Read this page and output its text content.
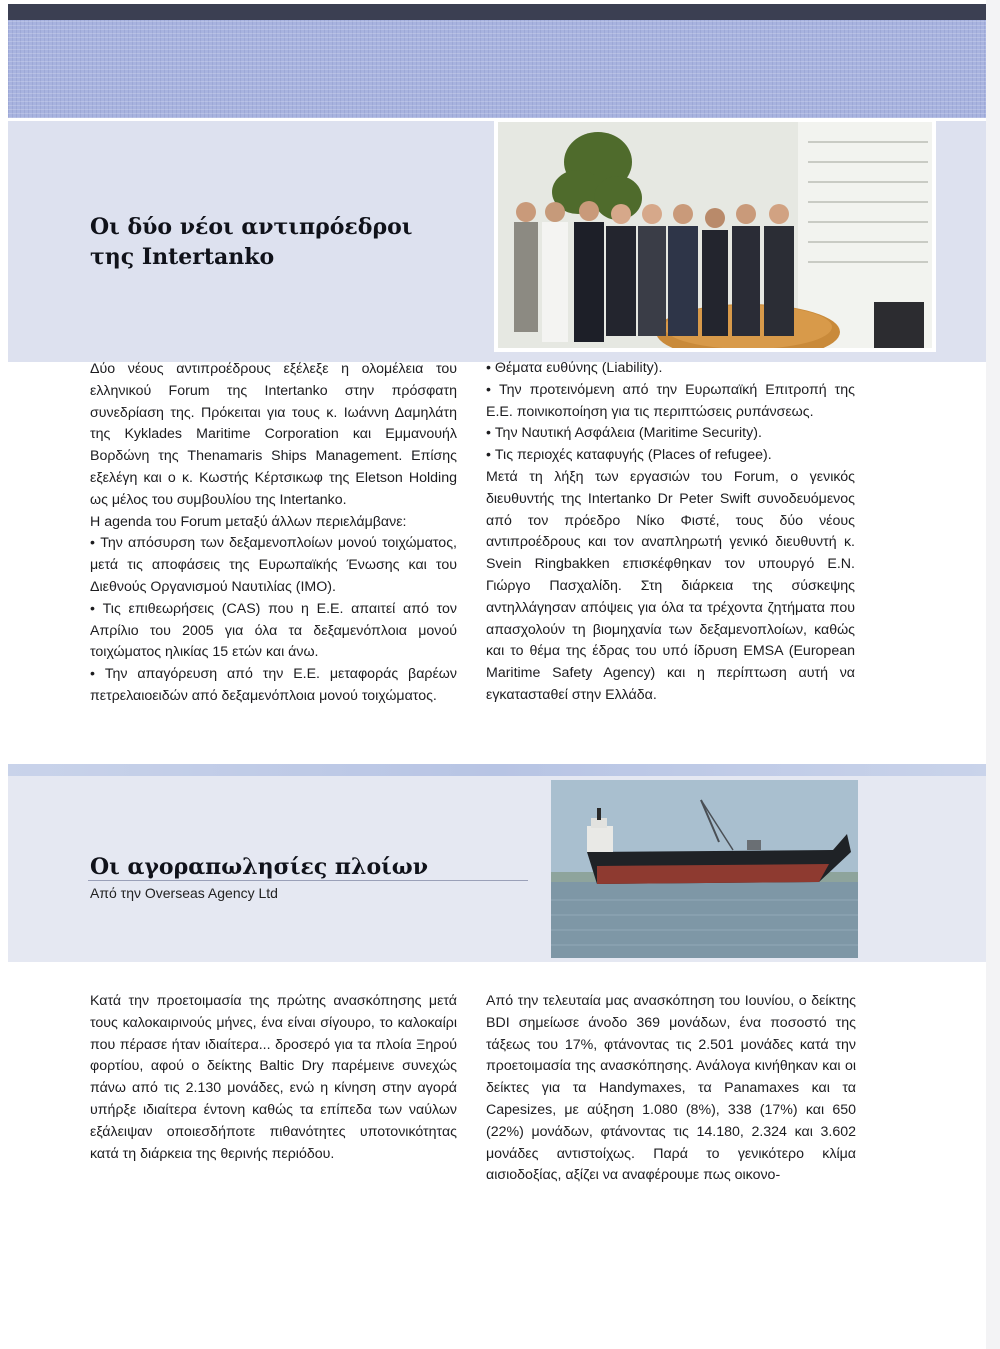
Οι δύο νέοι αντιπρόεδροι
της Intertanko

Δύο νέους αντιπροέδρους εξέλεξε η ολομέλεια του ελληνικού Forum της Intertanko στην πρόσφατη συνεδρίαση της. Πρόκειται για τους κ. Ιωάννη Δαμηλάτη της Kyklades Maritime Corporation και Εμμανουήλ Βορδώνη της Thenamaris Ships Management. Επίσης εξελέγη και ο κ. Κωστής Κέρτσικωφ της Eletson Holding ως μέλος του συμβουλίου της Intertanko.

Η agenda του Forum μεταξύ άλλων περιελάμβανε:

• Την απόσυρση των δεξαμενοπλοίων μονού τοιχώματος, μετά τις αποφάσεις της Ευρωπαϊκής Ένωσης και του Διεθνούς Οργανισμού Ναυτιλίας (ΙΜΟ).

• Τις επιθεωρήσεις (CAS) που η Ε.Ε. απαιτεί από τον Απρίλιο του 2005 για όλα τα δεξαμενόπλοια μονού τοιχώματος ηλικίας 15 ετών και άνω.

• Την απαγόρευση από την Ε.Ε. μεταφοράς βαρέων πετρελαιοειδών από δεξαμενόπλοια μονού τοιχώματος.

• Θέματα ευθύνης (Liability).

• Την προτεινόμενη από την Ευρωπαϊκή Επιτροπή της Ε.Ε. ποινικοποίηση για τις περιπτώσεις ρυπάνσεως.

• Την Ναυτική Ασφάλεια (Maritime Security).

• Τις περιοχές καταφυγής (Places of refugee).

Μετά τη λήξη των εργασιών του Forum, ο γενικός διευθυντής της Intertanko Dr Peter Swift συνοδευόμενος από τον πρόεδρο Νίκο Φιστέ, τους δύο νέους αντιπροέδρους και τον αναπληρωτή γενικό διευθυντή κ. Svein Ringbakken επισκέφθηκαν τον υπουργό Ε.Ν. Γιώργο Πασχαλίδη. Στη διάρκεια της σύσκεψης αντηλλάγησαν απόψεις για όλα τα τρέχοντα ζητήματα που απασχολούν τη βιομηχανία των δεξαμενοπλοίων, καθώς και το θέμα της έδρας του υπό ίδρυση EMSA (European Maritime Safety Agency) και η περίπτωση αυτή να εγκατασταθεί στην Ελλάδα.

Οι αγοραπωλησίες πλοίων
Από την Overseas Agency Ltd

Κατά την προετοιμασία της πρώτης ανασκόπησης μετά τους καλοκαιρινούς μήνες, ένα είναι σίγουρο, το καλοκαίρι που πέρασε ήταν ιδιαίτερα... δροσερό για τα πλοία Ξηρού φορτίου, αφού ο δείκτης Baltic Dry παρέμεινε συνεχώς πάνω από τις 2.130 μονάδες, ενώ η κίνηση στην αγορά υπήρξε ιδιαίτερα έντονη καθώς τα επίπεδα των ναύλων εξάλειψαν οποιεσδήποτε πιθανότητες υποτονικότητας κατά τη διάρκεια της θερινής περιόδου.

Από την τελευταία μας ανασκόπηση του Ιουνίου, ο δείκτης BDI σημείωσε άνοδο 369 μονάδων, ένα ποσοστό της τάξεως του 17%, φτάνοντας τις 2.501 μονάδες κατά την προετοιμασία της ανασκόπησης. Ανάλογα κινήθηκαν και οι δείκτες για τα Handymaxes, τα Panamaxes και τα Capesizes, με αύξηση 1.080 (8%), 338 (17%) και 650 (22%) μονάδων, φτάνοντας τις 14.180, 2.324 και 3.602 μονάδες αντιστοίχως. Παρά το γενικότερο κλίμα αισιοδοξίας, αξίζει να αναφέρουμε πως οικονο-
